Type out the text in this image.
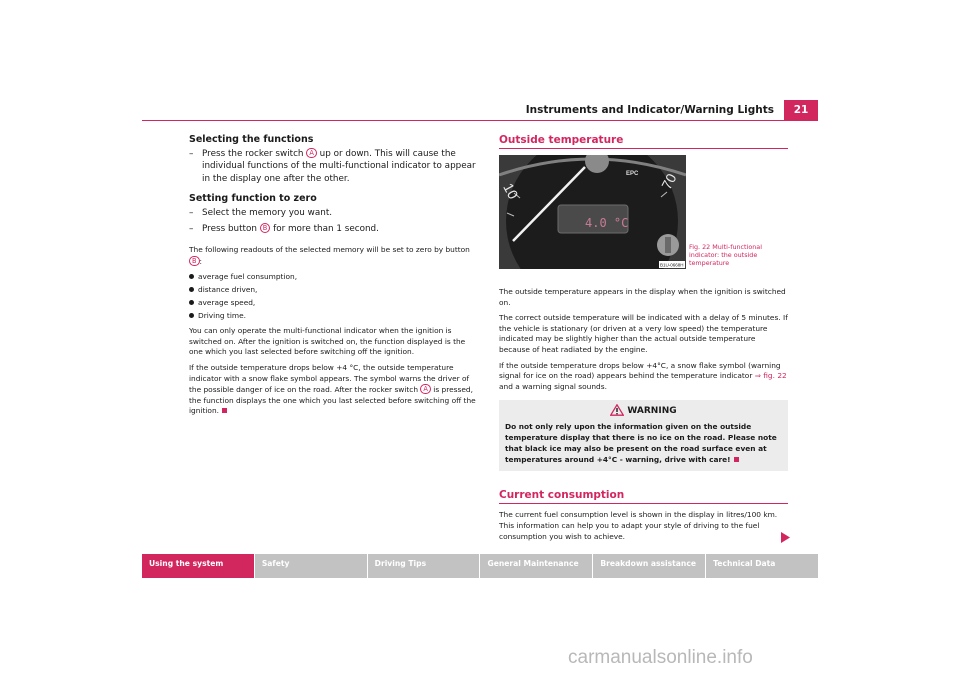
Instruments and Indicator/Warning Lights	21
Selecting the functions
– Press the rocker switch A up or down. This will cause the individual functions of the multi-functional indicator to appear in the display one after the other.
Setting function to zero
– Select the memory you want.
– Press button B for more than 1 second.
The following readouts of the selected memory will be set to zero by button B :
average fuel consumption,
distance driven,
average speed,
Driving time.

You can only operate the multi-functional indicator when the ignition is switched on. After the ignition is switched on, the function displayed is the one which you last selected before switching off the ignition.

If the outside temperature drops below +4 °C, the outside temperature indicator with a snow flake symbol appears. The symbol warns the driver of the possible danger of ice on the road. After the rocker switch A is pressed, the function displays the one which you last selected before switching off the ignition.

Outside temperature
10	70
EPC
4.0 °C
B1U-0668H
Fig. 22 Multi-functional indicator: the outside temperature

The outside temperature appears in the display when the ignition is switched on.

The correct outside temperature will be indicated with a delay of 5 minutes. If the vehicle is stationary (or driven at a very low speed) the temperature indicated may be slightly higher than the actual outside temperature because of heat radiated by the engine.

If the outside temperature drops below +4°C, a snow flake symbol (warning signal for ice on the road) appears behind the temperature indicator ⇒ fig. 22 and a warning signal sounds.

WARNING
Do not only rely upon the information given on the outside temperature display that there is no ice on the road. Please note that black ice may also be present on the road surface even at temperatures around +4°C - warning, drive with care!
Current consumption

The current fuel consumption level is shown in the display in litres/100 km. This information can help you to adapt your style of driving to the fuel consumption you wish to achieve.

Using the system	Safety	Driving Tips	General Maintenance	Breakdown assistance	Technical Data
carmanualsonline.info
